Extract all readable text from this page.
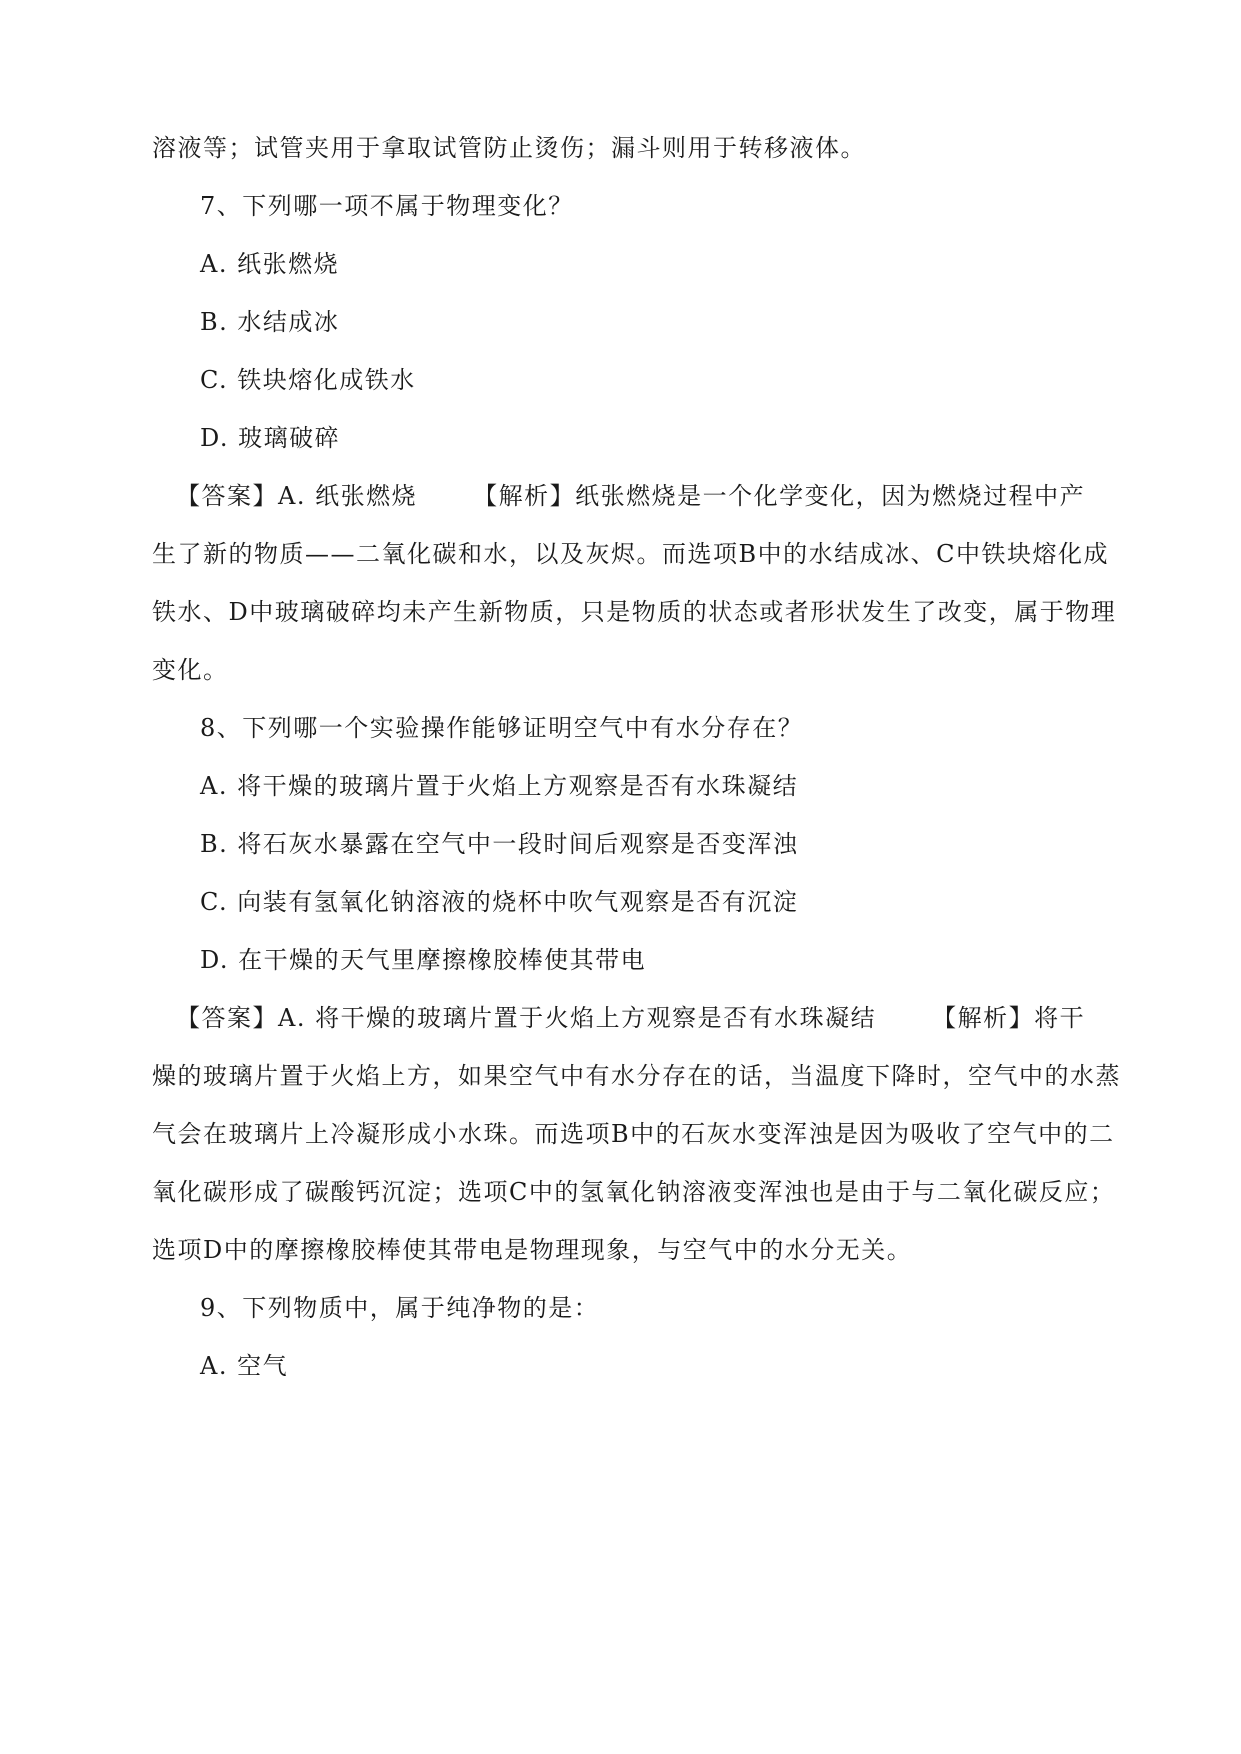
溶液等；试管夹用于拿取试管防止烫伤；漏斗则用于转移液体。
7、下列哪一项不属于物理变化？
A. 纸张燃烧
B. 水结成冰
C. 铁块熔化成铁水
D. 玻璃破碎
【答案】A. 纸张燃烧 【解析】纸张燃烧是一个化学变化，因为燃烧过程中产
生了新的物质——二氧化碳和水，以及灰烬。而选项B中的水结成冰、C中铁块熔化成
铁水、D中玻璃破碎均未产生新物质，只是物质的状态或者形状发生了改变，属于物理
变化。
8、下列哪一个实验操作能够证明空气中有水分存在？
A. 将干燥的玻璃片置于火焰上方观察是否有水珠凝结
B. 将石灰水暴露在空气中一段时间后观察是否变浑浊
C. 向装有氢氧化钠溶液的烧杯中吹气观察是否有沉淀
D. 在干燥的天气里摩擦橡胶棒使其带电
【答案】A. 将干燥的玻璃片置于火焰上方观察是否有水珠凝结 【解析】将干
燥的玻璃片置于火焰上方，如果空气中有水分存在的话，当温度下降时，空气中的水蒸
气会在玻璃片上冷凝形成小水珠。而选项B中的石灰水变浑浊是因为吸收了空气中的二
氧化碳形成了碳酸钙沉淀；选项C中的氢氧化钠溶液变浑浊也是由于与二氧化碳反应；
选项D中的摩擦橡胶棒使其带电是物理现象，与空气中的水分无关。
9、下列物质中，属于纯净物的是：
A. 空气
